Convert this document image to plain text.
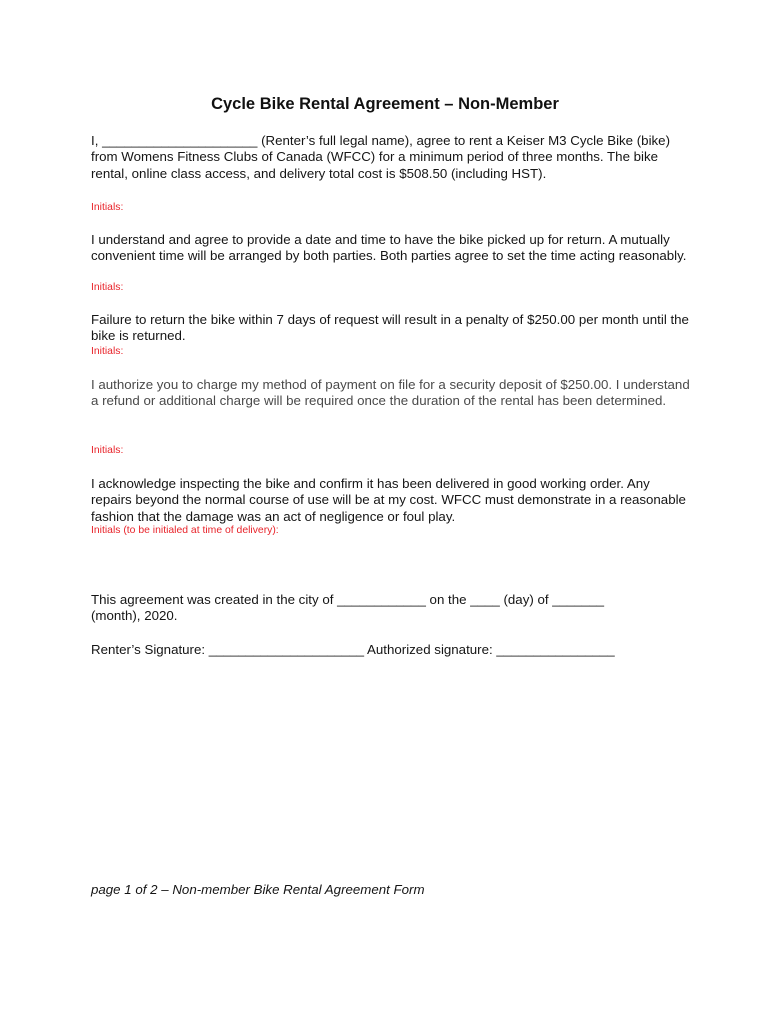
Cycle Bike Rental Agreement – Non-Member

I, _____________________ (Renter’s full legal name), agree to rent a Keiser M3 Cycle Bike (bike) from Womens Fitness Clubs of Canada (WFCC) for a minimum period of three months. The bike rental, online class access, and delivery total cost is $508.50 (including HST).

Initials:

I understand and agree to provide a date and time to have the bike picked up for return. A mutually convenient time will be arranged by both parties. Both parties agree to set the time acting reasonably.

Initials:

Failure to return the bike within 7 days of request will result in a penalty of $250.00 per month until the bike is returned.

Initials:

I authorize you to charge my method of payment on file for a security deposit of $250.00. I understand a refund or additional charge will be required once the duration of the rental has been determined.

Initials:

I acknowledge inspecting the bike and confirm it has been delivered in good working order. Any repairs beyond the normal course of use will be at my cost. WFCC must demonstrate in a reasonable fashion that the damage was an act of negligence or foul play.

Initials (to be initialed at time of delivery):

This agreement was created in the city of ____________ on the ____ (day) of _______ (month), 2020.

Renter’s Signature: _____________________ Authorized signature: ________________

page 1 of 2 – Non-member Bike Rental Agreement Form
